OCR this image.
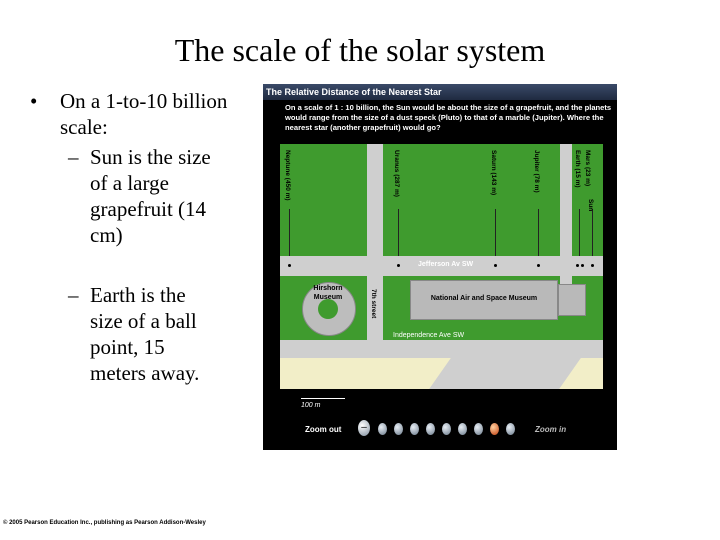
The scale of the solar system
• On a 1-to-10 billion scale:
– Sun is the size of a large grapefruit (14 cm)
– Earth is the size of a ball point, 15 meters away.
© 2005 Pearson Education Inc., publishing as Pearson Addison-Wesley
The Relative Distance of the Nearest Star
On a scale of 1 : 10 billion, the Sun would be about the size of a grapefruit, and the planets would range from the size of a dust speck (Pluto) to that of a marble (Jupiter). Where the nearest star (another grapefruit) would go?
Neptune (450 m)	Uranus (287 m)	Saturn (143 m)	Jupiter (78 m)	Earth (15 m) Mars (23 m)
Sun
Jefferson Av SW
Independence Ave SW
7th street
Hirshorn Museum	National Air and Space Museum
100 m
Zoom out	–	Zoom in
